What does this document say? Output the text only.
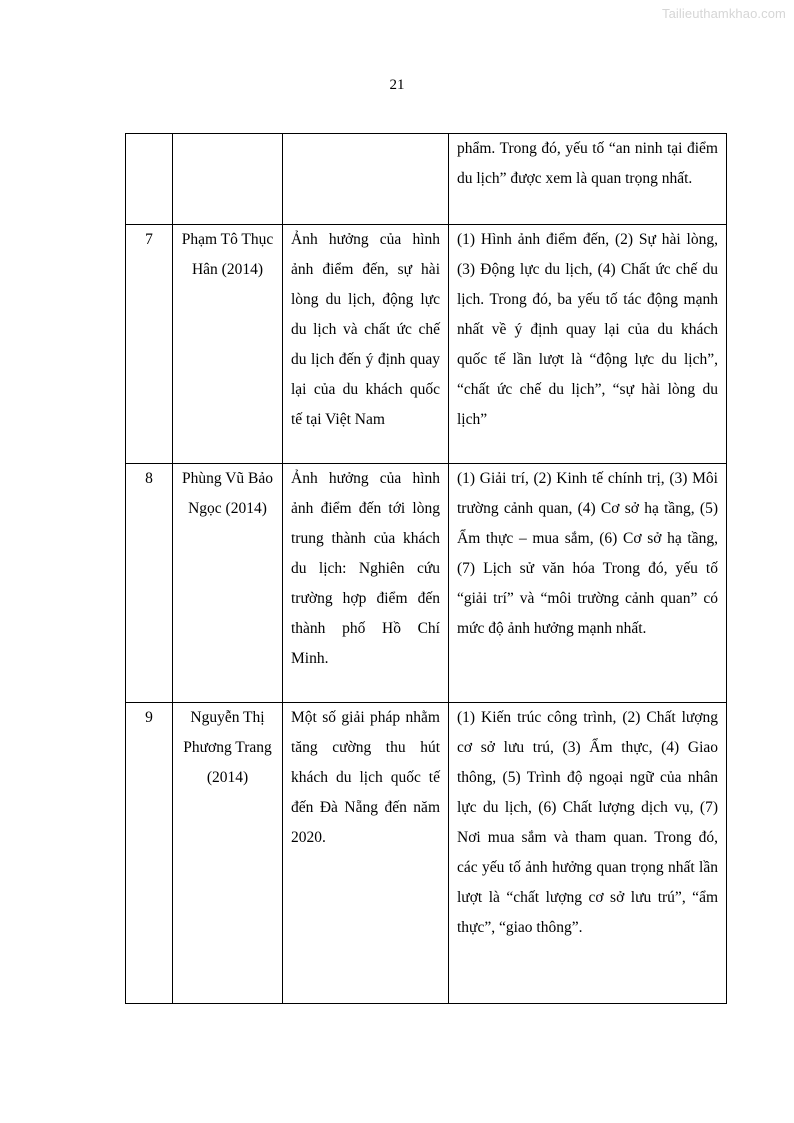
Tailieuthamkhao.com
21
			phẩm. Trong đó, yếu tố “an ninh tại điểm du lịch” được xem là quan trọng nhất.
7	Phạm Tô Thục Hân (2014)	Ảnh hưởng của hình ảnh điểm đến, sự hài lòng du lịch, động lực du lịch và chất ức chế du lịch đến ý định quay lại của du khách quốc tế tại Việt Nam	(1) Hình ảnh điểm đến, (2) Sự hài lòng, (3) Động lực du lịch, (4) Chất ức chế du lịch. Trong đó, ba yếu tố tác động mạnh nhất về ý định quay lại của du khách quốc tế lần lượt là “động lực du lịch”, “chất ức chế du lịch”, “sự hài lòng du lịch”
8	Phùng Vũ Bảo Ngọc (2014)	Ảnh hưởng của hình ảnh điểm đến tới lòng trung thành của khách du lịch: Nghiên cứu trường hợp điểm đến thành phố Hồ Chí Minh.	(1) Giải trí, (2) Kinh tế chính trị, (3) Môi trường cảnh quan, (4) Cơ sở hạ tầng, (5) Ẩm thực – mua sắm, (6) Cơ sở hạ tầng, (7) Lịch sử văn hóa Trong đó, yếu tố “giải trí” và “môi trường cảnh quan” có mức độ ảnh hưởng mạnh nhất.
9	Nguyễn Thị Phương Trang (2014)	Một số giải pháp nhằm tăng cường thu hút khách du lịch quốc tế đến Đà Nẵng đến năm 2020.	(1) Kiến trúc công trình, (2) Chất lượng cơ sở lưu trú, (3) Ẩm thực, (4) Giao thông, (5) Trình độ ngoại ngữ của nhân lực du lịch, (6) Chất lượng dịch vụ, (7) Nơi mua sắm và tham quan. Trong đó, các yếu tố ảnh hưởng quan trọng nhất lần lượt là “chất lượng cơ sở lưu trú”, “ẩm thực”, “giao thông”.
